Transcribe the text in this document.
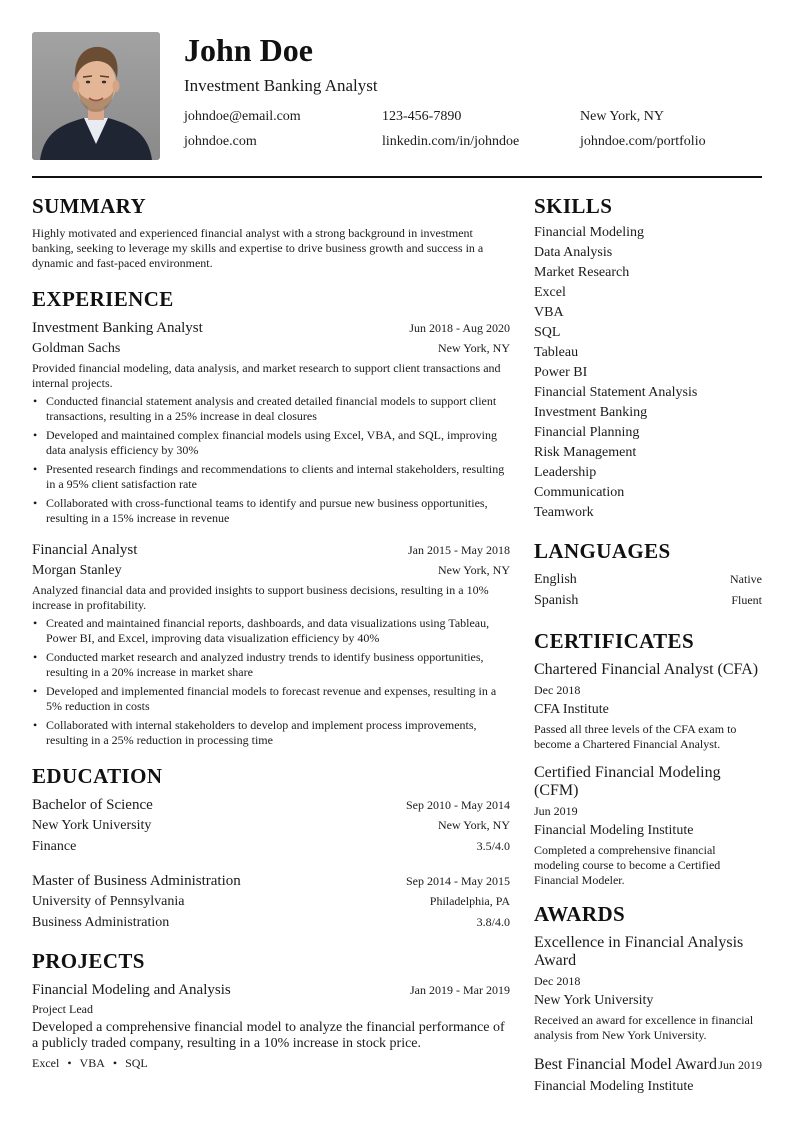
John Doe
Investment Banking Analyst
johndoe@email.com	123-456-7890	New York, NY
johndoe.com	linkedin.com/in/johndoe	johndoe.com/portfolio
SUMMARY
Highly motivated and experienced financial analyst with a strong background in investment banking, seeking to leverage my skills and expertise to drive business growth and success in a dynamic and fast-paced environment.
EXPERIENCE
Investment Banking Analyst	Jun 2018 - Aug 2020
Goldman Sachs	New York, NY
Provided financial modeling, data analysis, and market research to support client transactions and internal projects.
• Conducted financial statement analysis and created detailed financial models to support client transactions, resulting in a 25% increase in deal closures
• Developed and maintained complex financial models using Excel, VBA, and SQL, improving data analysis efficiency by 30%
• Presented research findings and recommendations to clients and internal stakeholders, resulting in a 95% client satisfaction rate
• Collaborated with cross-functional teams to identify and pursue new business opportunities, resulting in a 15% increase in revenue
Financial Analyst	Jan 2015 - May 2018
Morgan Stanley	New York, NY
Analyzed financial data and provided insights to support business decisions, resulting in a 10% increase in profitability.
• Created and maintained financial reports, dashboards, and data visualizations using Tableau, Power BI, and Excel, improving data visualization efficiency by 40%
• Conducted market research and analyzed industry trends to identify business opportunities, resulting in a 20% increase in market share
• Developed and implemented financial models to forecast revenue and expenses, resulting in a 5% reduction in costs
• Collaborated with internal stakeholders to develop and implement process improvements, resulting in a 25% reduction in processing time
EDUCATION
Bachelor of Science	Sep 2010 - May 2014
New York University	New York, NY
Finance	3.5/4.0
Master of Business Administration	Sep 2014 - May 2015
University of Pennsylvania	Philadelphia, PA
Business Administration	3.8/4.0
PROJECTS
Financial Modeling and Analysis	Jan 2019 - Mar 2019
Project Lead
Developed a comprehensive financial model to analyze the financial performance of a publicly traded company, resulting in a 10% increase in stock price.
Excel • VBA • SQL
SKILLS
Financial Modeling
Data Analysis
Market Research
Excel
VBA
SQL
Tableau
Power BI
Financial Statement Analysis
Investment Banking
Financial Planning
Risk Management
Leadership
Communication
Teamwork
LANGUAGES
English	Native
Spanish	Fluent
CERTIFICATES
Chartered Financial Analyst (CFA)
Dec 2018
CFA Institute
Passed all three levels of the CFA exam to become a Chartered Financial Analyst.
Certified Financial Modeling (CFM)
Jun 2019
Financial Modeling Institute
Completed a comprehensive financial modeling course to become a Certified Financial Modeler.
AWARDS
Excellence in Financial Analysis Award
Dec 2018
New York University
Received an award for excellence in financial analysis from New York University.
Best Financial Model Award Jun 2019
Financial Modeling Institute
